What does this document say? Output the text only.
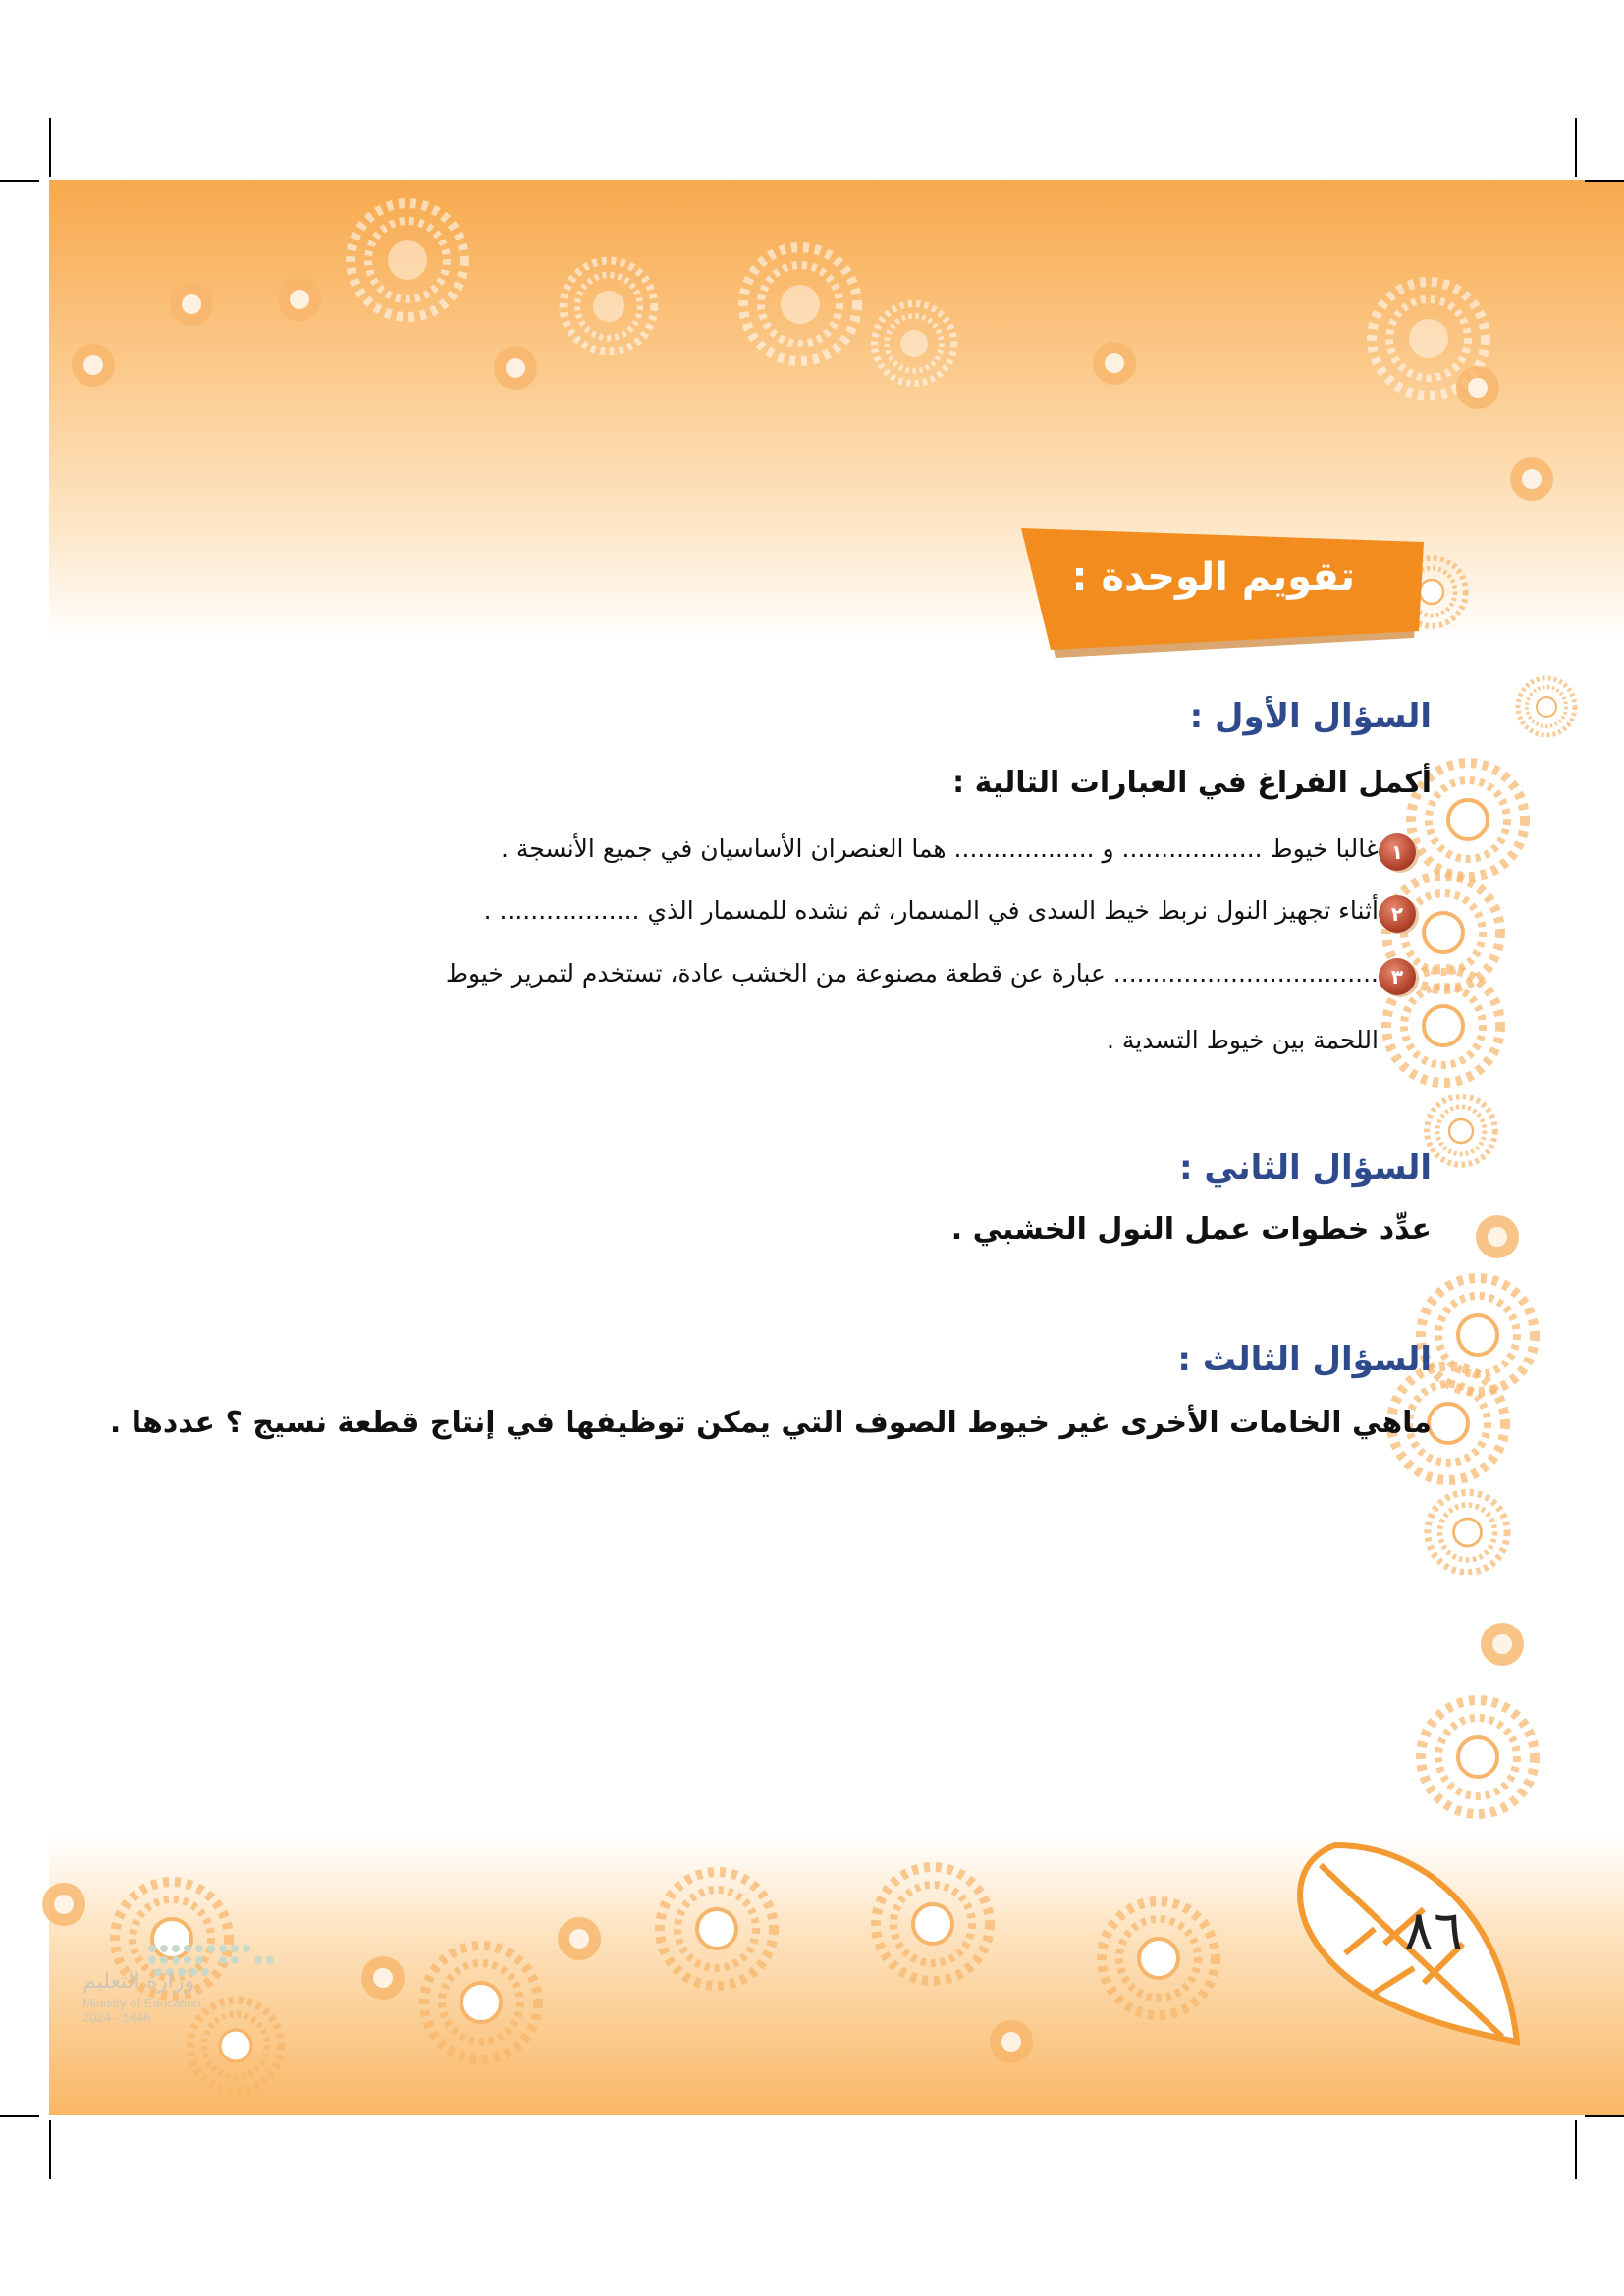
تقويم الوحدة :
السؤال الأول :
أكمل الفراغ في العبارات التالية :
١
غالبا خيوط .................. و .................. هما العنصران الأساسيان في جميع الأنسجة .
٢
أثناء تجهيز النول نربط خيط السدى في المسمار، ثم نشده للمسمار الذي .................. .
٣
.................................. عبارة عن قطعة مصنوعة من الخشب عادة، تستخدم لتمرير خيوط
اللحمة بين خيوط التسدية .
السؤال الثاني :
عدِّد خطوات عمل النول الخشبي .
السؤال الثالث :
ماهي الخامات الأخرى غير خيوط الصوف التي يمكن توظيفها في إنتاج قطعة نسيج ؟ عددها .
٨٦
وزارة التعليم
Ministry of Education
2024 - 1446
